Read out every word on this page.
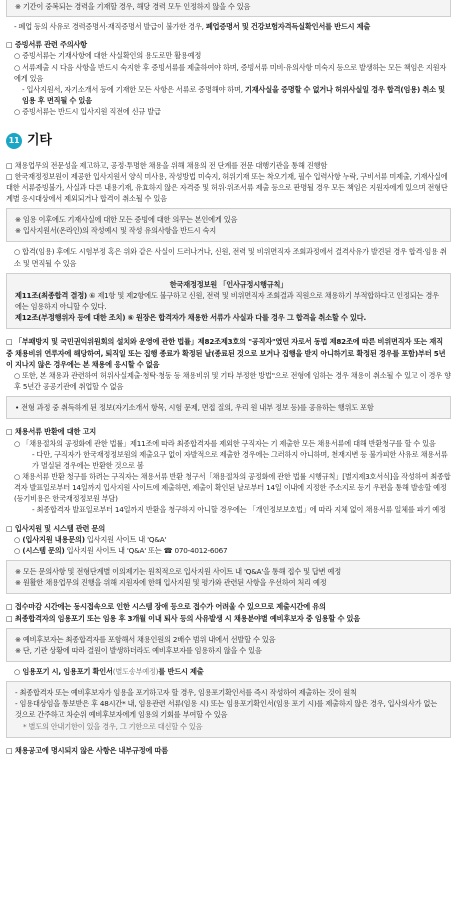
※ 기간이 중복되는 경력을 기재할 경우, 해당 경력 모두 인정하지 않을 수 있음

- 폐업 등의 사유로 경력증명서·재직증명서 발급이 불가한 경우, 폐업증명서 및 건강보험자격득실확인서를 반드시 제출

□ 증빙서류 관련 주의사항

○ 증빙서류는 기재사항에 대한 사실확인의 용도로만 활용예정

○ 서류제출 시 다음 사항을 반드시 숙지한 후 증빙서류를 제출하여야 하며, 증빙서류 미비·유의사항 미숙지 등으로 발생하는 모든 책임은 지원자에게 있음

- 입사지원서, 자기소개서 등에 기재한 모든 사항은 서류로 증명해야 하며, 기재사실을 증명할 수 없거나 허위사실일 경우 합격(임용) 취소 및 임용 후 면직될 수 있음

○ 증빙서류는 반드시 입사지원 직전에 신규 발급

11 기타

□ 채용업무의 전문성을 제고하고, 공정·투명한 채용을 위해 채용의 전 단계를 전문 대행기관을 통해 진행함

□ 한국재정정보원이 제공한 입사지원서 양식 미사용, 작성방법 미숙지, 허위기재 또는 착오기재, 필수 입력사항 누락, 구비서류 미제출, 기재사실에 대한 서류증빙불가, 사실과 다른 내용기재, 유효하지 않은 자격증 및 허위·위조서류 제출 등으로 판명될 경우 모든 책임은 지원자에게 있으며 전형단계별 응시대상에서 제외되거나 합격이 취소될 수 있음

※ 임용 이후에도 기재사실에 대한 모든 증빙에 대한 의무는 본인에게 있음

※ 입사지원서(온라인)의 작성예시 및 작성 유의사항을 반드시 숙지

○ 합격(임용) 후에도 시험부정 혹은 위와 같은 사실이 드러나거나, 신원, 전력 및 비위면직자 조회과정에서 결격사유가 발견된 경우 합격·임용 취소 및 면직될 수 있음

한국재정정보원 「인사규정시행규칙」

제11조(최종합격 결정) ⑥ 제1항 및 제2항에도 불구하고 신원, 전력 및 비위면직자 조회결과 직원으로 채용하기 부적합하다고 인정되는 경우에는 임용하지 아니할 수 있다.

제12조(부정행위자 등에 대한 조치) ⑥ 원장은 합격자가 채용한 서류가 사실과 다를 경우 그 합격을 취소할 수 있다.

□ 「부패방지 및 국민권익위원회의 설치와 운영에 관한 법률」제82조제3호의 "공직자"였던 자로서 동법 제82조에 따른 비위면직자 또는 재직 중 채용비위 연루자에 해당하여, 퇴직일 또는 집행 종료가 확정된 날(종료된 것으로 보거나 집행을 받지 아니하기로 확정된 경우를 포함)부터 5년이 지나지 않은 경우에는 본 채용에 응시할 수 없음

○ 또한, 본 채용과 관련하여 허위사실제출·청탁·청동 등 채용비위 및 기타 부정한 방법"으로 전형에 임하는 경우 채용이 취소될 수 있고 이 경우 향후 5년간 공공기관에 취업할 수 없음

• 전형 과정 중 취득하게 된 정보(자기소개서 항목, 시험 문제, 면접 질의, 우리 원 내부 정보 등)를 공유하는 행위도 포함

□ 채용서류 반환에 대한 고지

○ 「채용절차의 공정화에 관한 법률」제11조에 따라 최종합격자를 제외한 구직자는 기 제출한 모든 채용서류에 대해 반환청구를 할 수 있음

- 다만, 구직자가 한국재정정보원의 제출요구 없이 자발적으로 제출한 경우에는 그러하지 아니하며, 천재지변 등 불가피한 사유로 채용서류가 멸실된 경우에는 반환한 것으로 봄

○ 채용서류 반환 청구를 하려는 구직자는 채용서류 반환 청구서「채용절차의 공정화에 관한 법률 시행규칙」[별지제3호서식]을 작성하여 최종합격자 발표일로부터 14일까지 입사지원 사이트에 제출하면, 제출이 확인된 날로부터 14일 이내에 지정한 주소지로 등기 우편을 통해 발송할 예정 (등기비용은 한국재정정보원 부담)

- 최종합격자 발표일로부터 14일까지 반환을 청구하지 아니할 경우에는 「개인정보보호법」에 따라 지체 없이 채용서류 일체를 파기 예정

□ 입사지원 및 시스템 관련 문의

○ (입사지원 내용문의) 입사지원 사이트 내 'Q&A'

○ (시스템 문의) 입사지원 사이트 내 'Q&A' 또는 ☎ 070-4012-6067

※ 모든 문의사항 및 전형단계별 이의제기는 원칙적으로 입사지원 사이트 내 'Q&A'을 통해 접수 및 답변 예정

※ 원활한 채용업무의 진행을 위해 지원자에 한해 입사지원 및 평가와 관련된 사항을 우선하여 처리 예정

□ 접수마감 시간에는 동시접속으로 인한 시스템 장애 등으로 접수가 어려울 수 있으므로 제출시간에 유의

□ 최종합격자의 임용포기 또는 임용 후 3개월 이내 퇴사 등의 사유발생 시 채용분야별 예비후보자 중 임용할 수 있음

※ 예비후보자는 최종합격자를 포함해서 채용인원의 2배수 범위 내에서 선발할 수 있음

※ 단, 기관 상황에 따라 결원이 발생하더라도 예비후보자를 임용하지 않을 수 있음

○ 임용포기 시, 임용포기 확인서(별도송부예정)를 반드시 제출

- 최종합격자 또는 예비후보자가 임용을 포기하고자 할 경우, 임용포기확인서를 즉시 작성하여 제출하는 것이 원칙

- 임용대상임을 통보받은 후 48시간* 내, 임용관련 서류(임용 시) 또는 임용포기확인서(임용 포기 시)를 제출하지 않은 경우, 입사의사가 없는 것으로 간주하고 차순위 예비후보자에게 임용의 기회를 부여할 수 있음

* 별도의 안내기한이 있을 경우, 그 기한으로 대신할 수 있음

□ 채용공고에 명시되지 않은 사항은 내부규정에 따름
